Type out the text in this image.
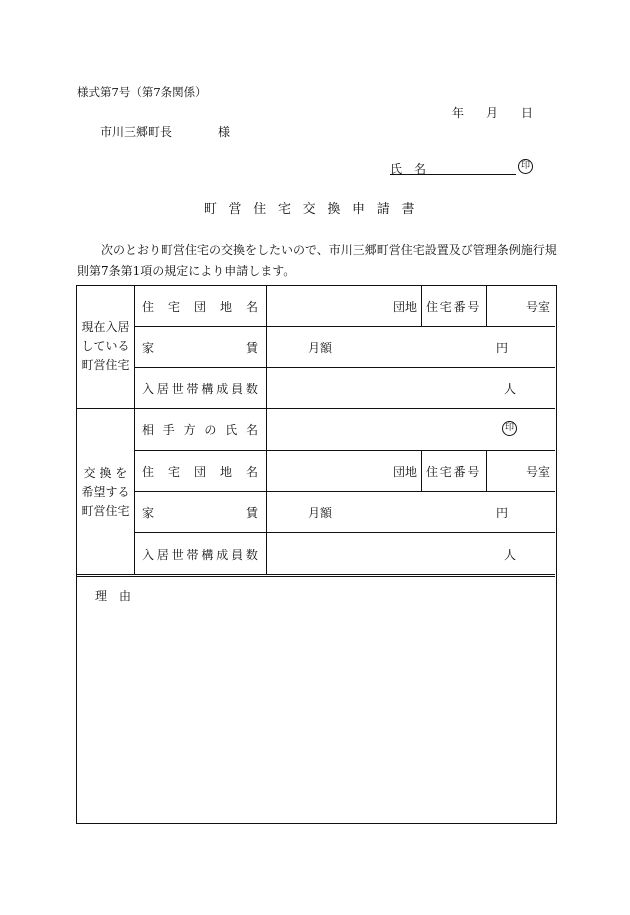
様式第7号（第7条関係）
年 月 日
市川三郷町長	様
氏　名	印
町営住宅交換申請書
次のとおり町営住宅の交換をしたいので、市川三郷町営住宅設置及び管理条例施行規則第7条第1項の規定により申請します。
現在入居
している
町営住宅
住 宅 団 地 名	団地 住宅番号	号室
家	賃	月額	円
入 居 世 帯 構 成 員 数	人
交 換 を
希望する
町営住宅
相 手 方 の 氏 名	印
住 宅 団 地 名	団地 住宅番号	号室
家	賃	月額	円
入 居 世 帯 構 成 員 数	人
理　由
